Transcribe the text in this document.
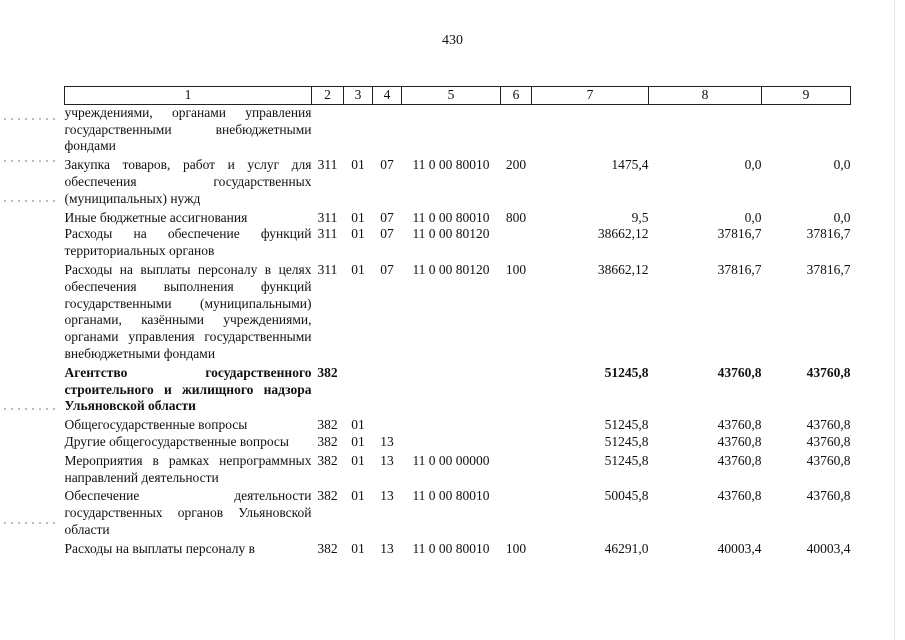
430
1	2	3	4	5	6	7	8	9
учреждениями, органами управления государственными внебюджетными фондами								
Закупка товаров, работ и услуг для обеспечения государственных (муниципальных) нужд	311	01	07	11 0 00 80010	200	1475,4	0,0	0,0
Иные бюджетные ассигнования	311	01	07	11 0 00 80010	800	9,5	0,0	0,0
Расходы на обеспечение функций территориальных органов	311	01	07	11 0 00 80120		38662,12	37816,7	37816,7
Расходы на выплаты персоналу в целях обеспечения выполнения функций государственными (муниципальными) органами, казёнными учреждениями, органами управления государственными внебюджетными фондами	311	01	07	11 0 00 80120	100	38662,12	37816,7	37816,7
Агентство государственного строительного и жилищного надзора Ульяновской области	382					51245,8	43760,8	43760,8
Общегосударственные вопросы	382	01				51245,8	43760,8	43760,8
Другие общегосударственные вопросы	382	01	13			51245,8	43760,8	43760,8
Мероприятия в рамках непрограммных направлений деятельности	382	01	13	11 0 00 00000		51245,8	43760,8	43760,8
Обеспечение деятельности государственных органов Ульяновской области	382	01	13	11 0 00 80010		50045,8	43760,8	43760,8
Расходы на выплаты персоналу в	382	01	13	11 0 00 80010	100	46291,0	40003,4	40003,4
